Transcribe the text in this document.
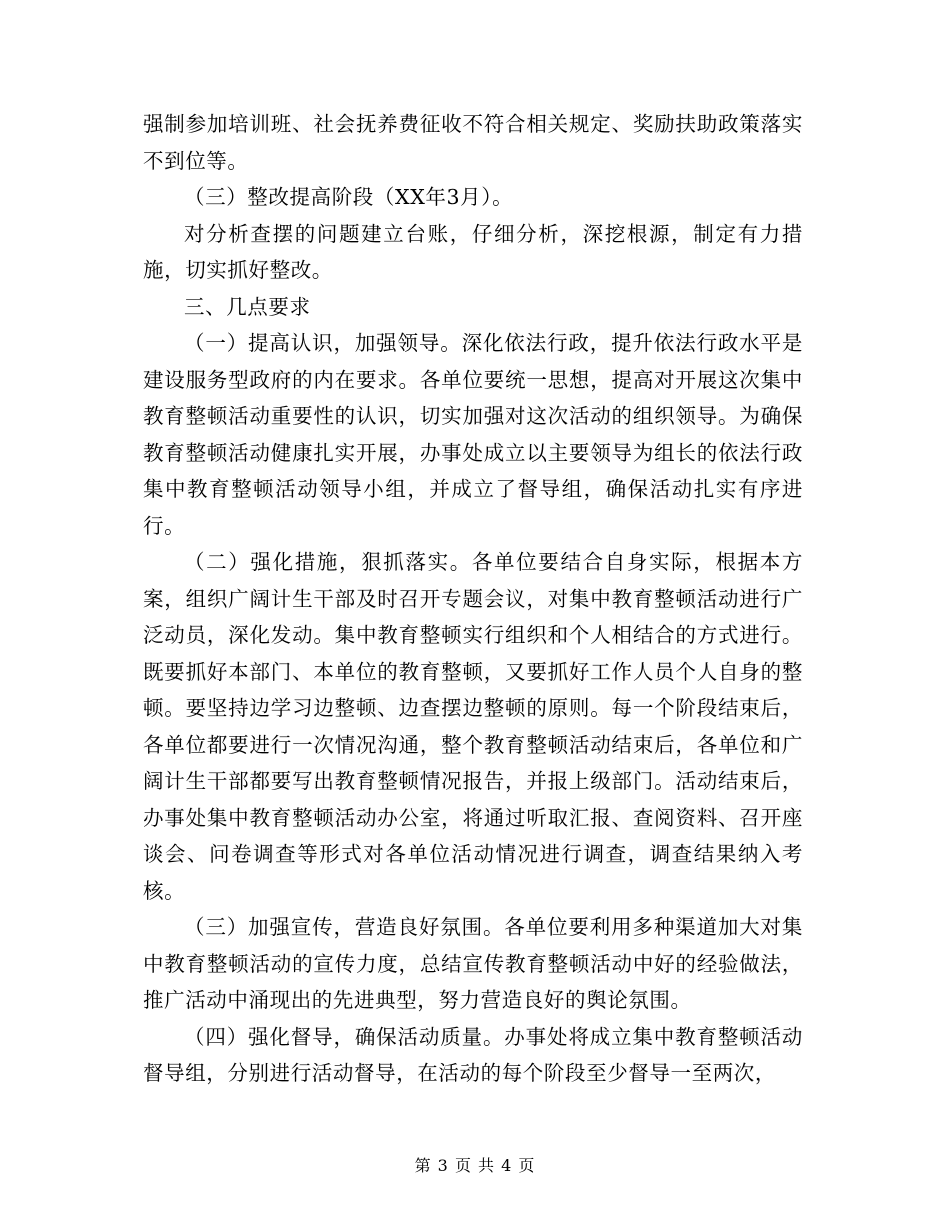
强制参加培训班、社会抚养费征收不符合相关规定、奖励扶助政策落实不到位等。

（三）整改提高阶段（XX年3月）。

对分析查摆的问题建立台账，仔细分析，深挖根源，制定有力措施，切实抓好整改。

三、几点要求

（一）提高认识，加强领导。深化依法行政，提升依法行政水平是建设服务型政府的内在要求。各单位要统一思想，提高对开展这次集中教育整顿活动重要性的认识，切实加强对这次活动的组织领导。为确保教育整顿活动健康扎实开展，办事处成立以主要领导为组长的依法行政集中教育整顿活动领导小组，并成立了督导组，确保活动扎实有序进行。

（二）强化措施，狠抓落实。各单位要结合自身实际，根据本方案，组织广阔计生干部及时召开专题会议，对集中教育整顿活动进行广泛动员，深化发动。集中教育整顿实行组织和个人相结合的方式进行。既要抓好本部门、本单位的教育整顿，又要抓好工作人员个人自身的整顿。要坚持边学习边整顿、边查摆边整顿的原则。每一个阶段结束后，各单位都要进行一次情况沟通，整个教育整顿活动结束后，各单位和广阔计生干部都要写出教育整顿情况报告，并报上级部门。活动结束后，办事处集中教育整顿活动办公室，将通过听取汇报、查阅资料、召开座谈会、问卷调查等形式对各单位活动情况进行调查，调查结果纳入考核。

（三）加强宣传，营造良好氛围。各单位要利用多种渠道加大对集中教育整顿活动的宣传力度，总结宣传教育整顿活动中好的经验做法，推广活动中涌现出的先进典型，努力营造良好的舆论氛围。

（四）强化督导，确保活动质量。办事处将成立集中教育整顿活动督导组，分别进行活动督导，在活动的每个阶段至少督导一至两次，

第 3 页 共 4 页
